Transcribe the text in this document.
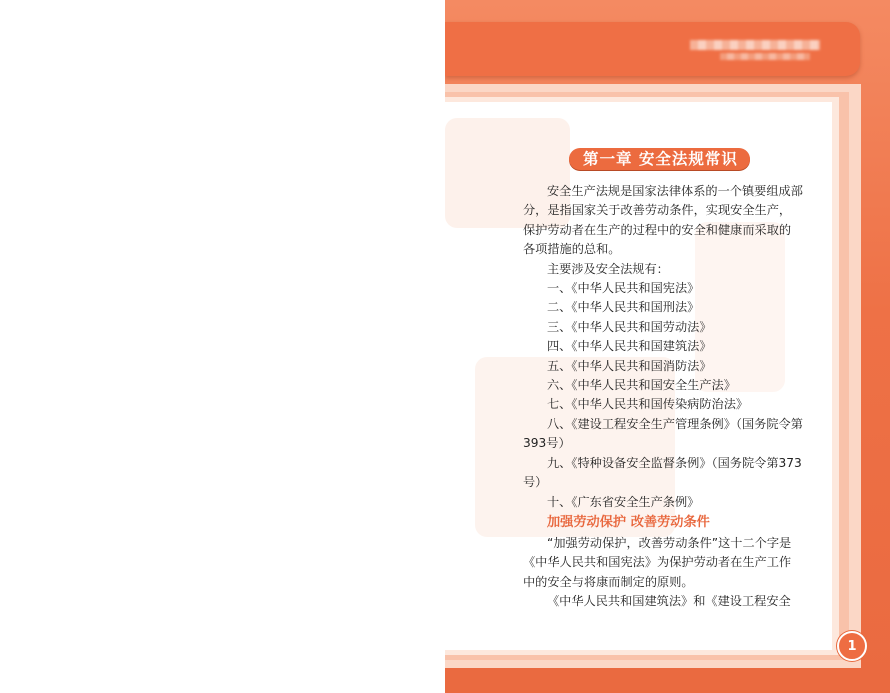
第一章 安全法规常识

安全生产法规是国家法律体系的一个镇要组成部分，是指国家关于改善劳动条件，实现安全生产，保护劳动者在生产的过程中的安全和健康而采取的各项措施的总和。

主要涉及安全法规有：

一、《中华人民共和国宪法》

二、《中华人民共和国刑法》

三、《中华人民共和国劳动法》

四、《中华人民共和国建筑法》

五、《中华人民共和国消防法》

六、《中华人民共和国安全生产法》

七、《中华人民共和国传染病防治法》

八、《建设工程安全生产管理条例》（国务院令第393号）

九、《特种设备安全监督条例》（国务院令第373号）

十、《广东省安全生产条例》

加强劳动保护 改善劳动条件

“加强劳动保护，改善劳动条件”这十二个字是《中华人民共和国宪法》为保护劳动者在生产工作中的安全与将康而制定的原则。

《中华人民共和国建筑法》和《建设工程安全

1
